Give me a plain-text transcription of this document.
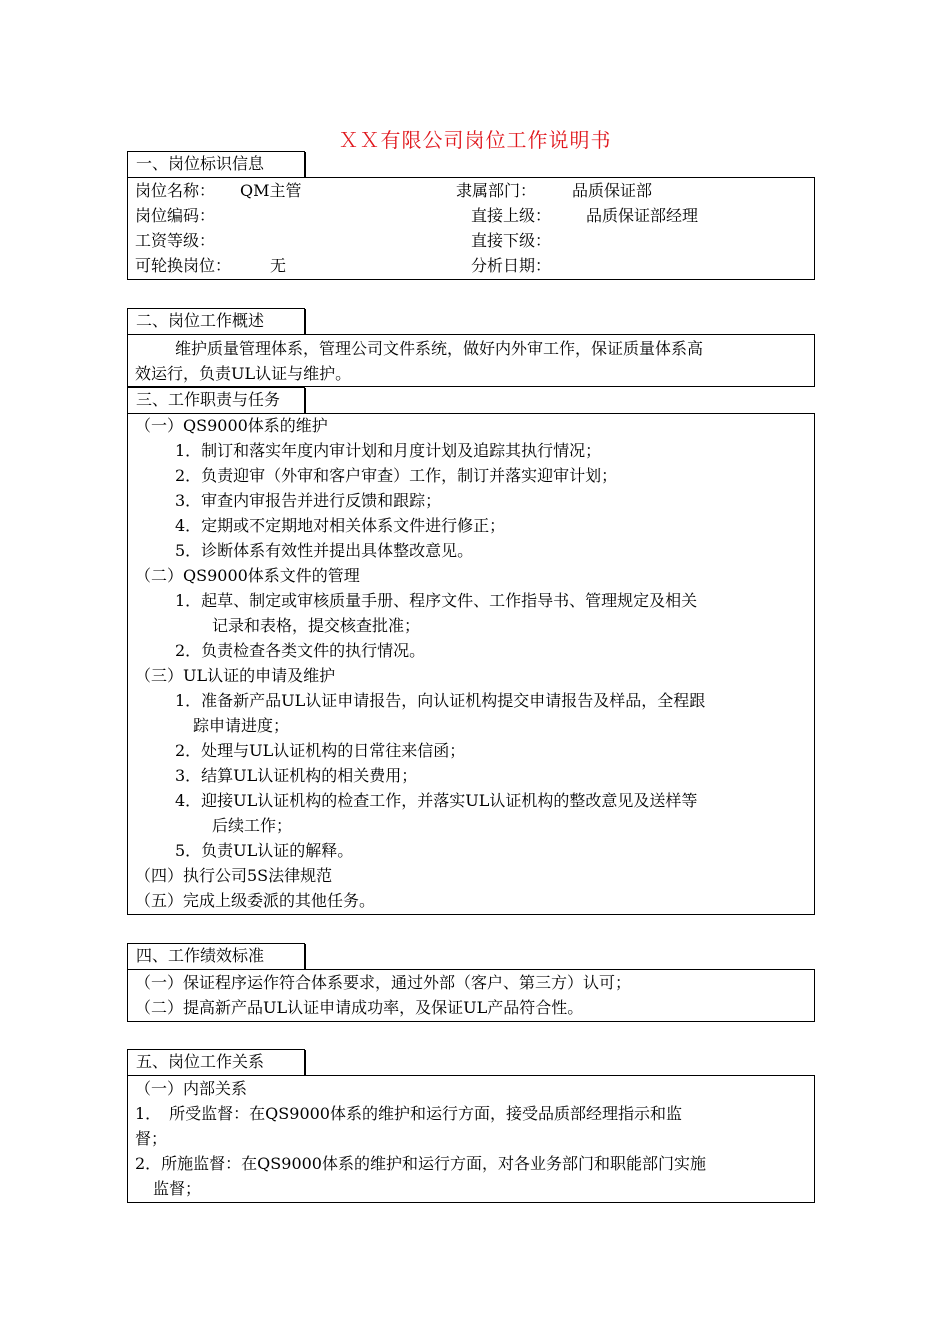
ＸＸ有限公司岗位工作说明书
一、岗位标识信息
岗位名称： QM主管	隶属部门： 品质保证部
岗位编码：	直接上级： 品质保证部经理
工资等级：	直接下级：
可轮换岗位： 无	分析日期：
二、岗位工作概述
维护质量管理体系，管理公司文件系统，做好内外审工作，保证质量体系高
效运行，负责UL认证与维护。
三、工作职责与任务
（一）QS9000体系的维护
1．制订和落实年度内审计划和月度计划及追踪其执行情况；
2．负责迎审（外审和客户审查）工作，制订并落实迎审计划；
3．审查内审报告并进行反馈和跟踪；
4．定期或不定期地对相关体系文件进行修正；
5．诊断体系有效性并提出具体整改意见。
（二）QS9000体系文件的管理
1．起草、制定或审核质量手册、程序文件、工作指导书、管理规定及相关
记录和表格，提交核查批准；
2．负责检查各类文件的执行情况。
（三）UL认证的申请及维护
1．准备新产品UL认证申请报告，向认证机构提交申请报告及样品，全程跟
踪申请进度；
2．处理与UL认证机构的日常往来信函；
3．结算UL认证机构的相关费用；
4．迎接UL认证机构的检查工作，并落实UL认证机构的整改意见及送样等
后续工作；
5．负责UL认证的解释。
（四）执行公司5S法律规范
（五）完成上级委派的其他任务。
四、工作绩效标准
（一）保证程序运作符合体系要求，通过外部（客户、第三方）认可；
（二）提高新产品UL认证申请成功率，及保证UL产品符合性。
五、岗位工作关系
（一）内部关系
1．　所受监督：在QS9000体系的维护和运行方面，接受品质部经理指示和监
督；
2．所施监督：在QS9000体系的维护和运行方面，对各业务部门和职能部门实施
监督；
